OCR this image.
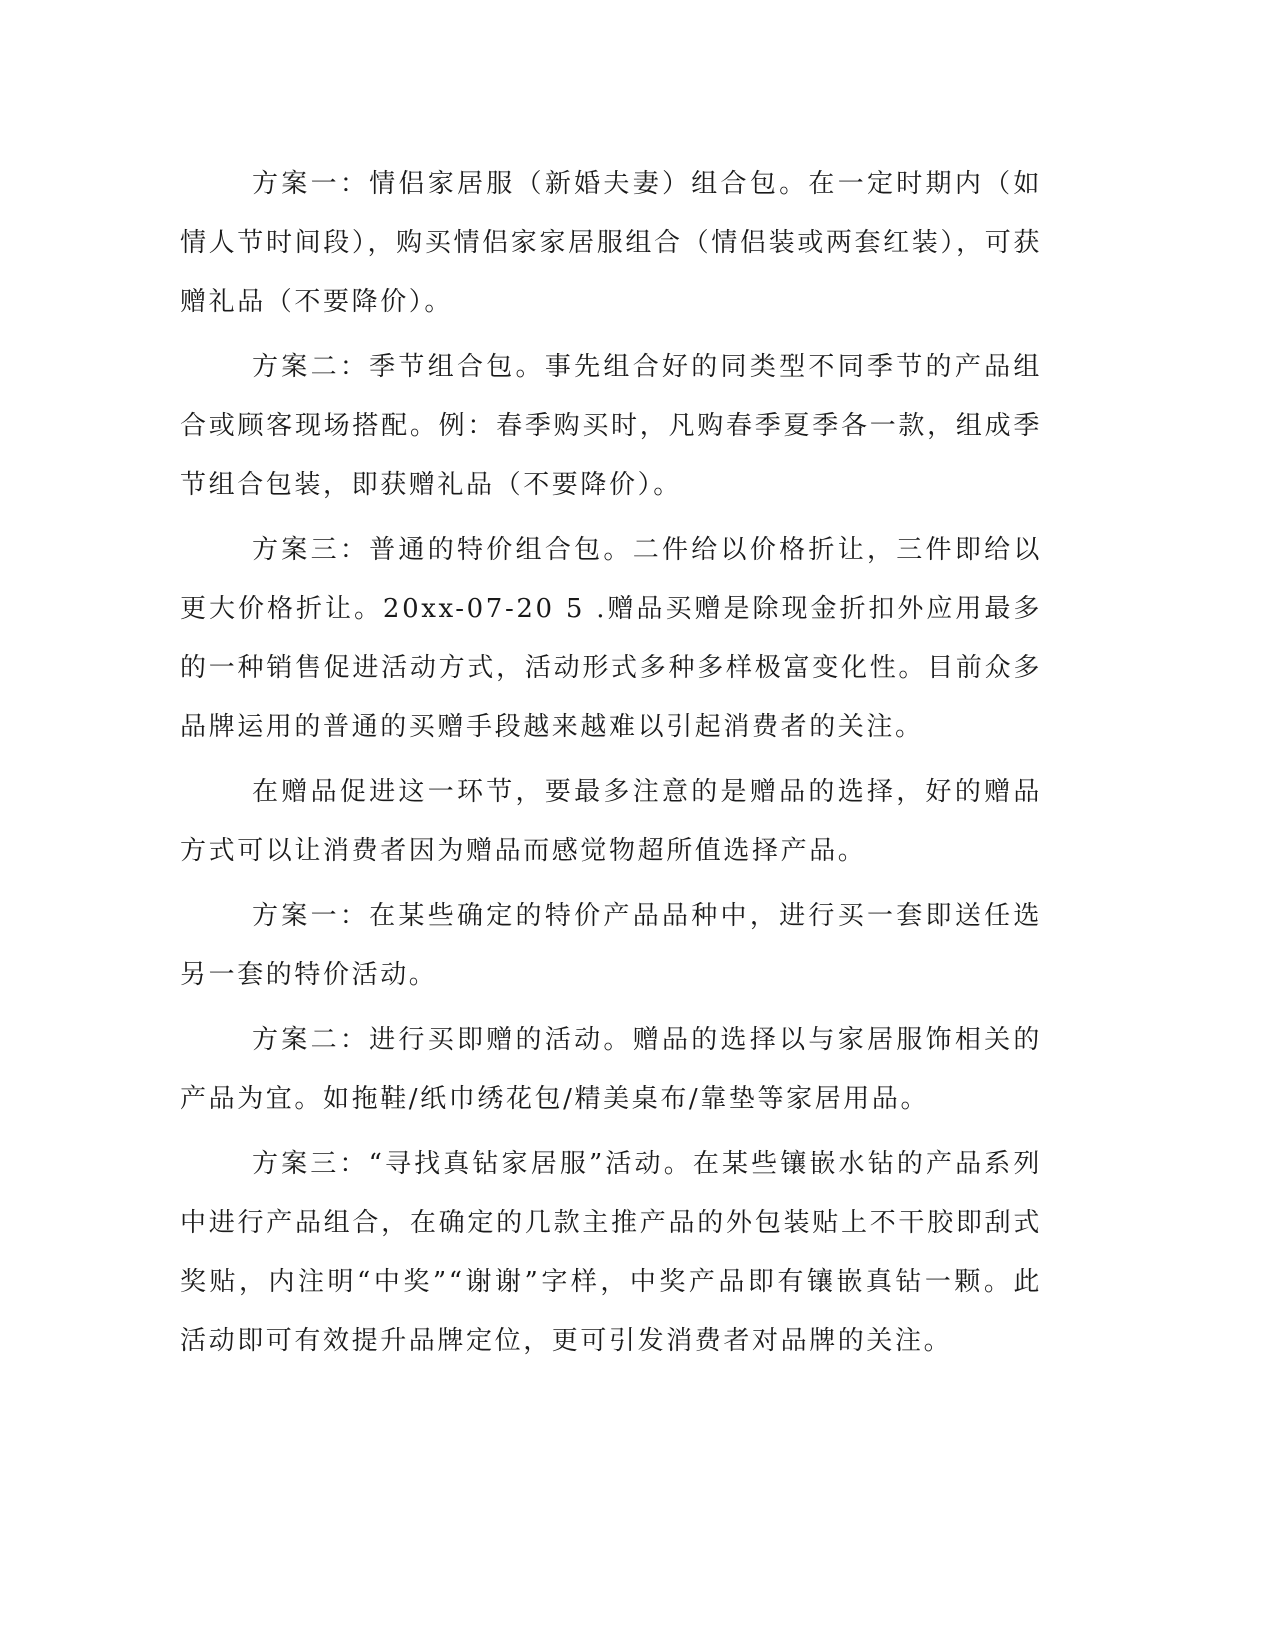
方案一：情侣家居服（新婚夫妻）组合包。在一定时期内（如情人节时间段），购买情侣家家居服组合（情侣装或两套红装），可获赠礼品（不要降价）。

方案二：季节组合包。事先组合好的同类型不同季节的产品组合或顾客现场搭配。例：春季购买时，凡购春季夏季各一款，组成季节组合包装，即获赠礼品（不要降价）。

方案三：普通的特价组合包。二件给以价格折让，三件即给以更大价格折让。20xx-07-20 5 .赠品买赠是除现金折扣外应用最多的一种销售促进活动方式，活动形式多种多样极富变化性。目前众多品牌运用的普通的买赠手段越来越难以引起消费者的关注。

在赠品促进这一环节，要最多注意的是赠品的选择，好的赠品方式可以让消费者因为赠品而感觉物超所值选择产品。

方案一：在某些确定的特价产品品种中，进行买一套即送任选另一套的特价活动。

方案二：进行买即赠的活动。赠品的选择以与家居服饰相关的产品为宜。如拖鞋/纸巾绣花包/精美桌布/靠垫等家居用品。

方案三：“寻找真钻家居服”活动。在某些镶嵌水钻的产品系列中进行产品组合，在确定的几款主推产品的外包装贴上不干胶即刮式奖贴，内注明“中奖”“谢谢”字样，中奖产品即有镶嵌真钻一颗。此活动即可有效提升品牌定位，更可引发消费者对品牌的关注。
